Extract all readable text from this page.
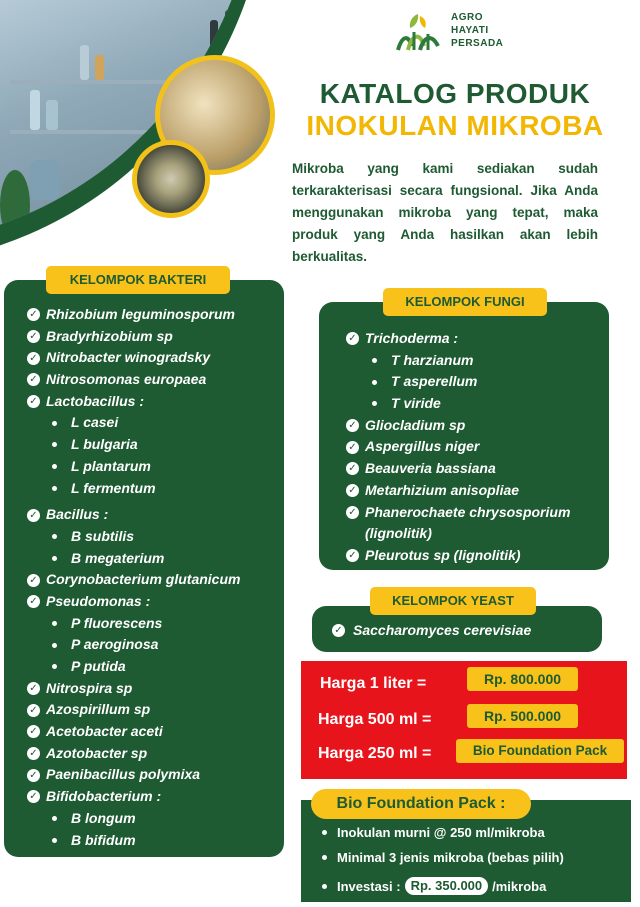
AGRO
HAYATI
PERSADA
KATALOG PRODUK
INOKULAN MIKROBA
Mikroba yang kami sediakan sudah terkarakterisasi secara fungsional. Jika Anda menggunakan mikroba yang tepat, maka produk yang Anda hasilkan akan lebih berkualitas.
KELOMPOK BAKTERI
✓ Rhizobium leguminosporum
✓ Bradyrhizobium sp
✓ Nitrobacter winogradsky
✓ Nitrosomonas europaea
✓ Lactobacillus :
L casei
L bulgaria
L plantarum
L fermentum
✓ Bacillus :
B subtilis
B megaterium
✓ Corynobacterium glutanicum
✓ Pseudomonas :
P fluorescens
P aeroginosa
P putida
✓ Nitrospira sp
✓ Azospirillum sp
✓ Acetobacter aceti
✓ Azotobacter sp
✓ Paenibacillus polymixa
✓ Bifidobacterium :
B longum
B bifidum
KELOMPOK FUNGI
✓ Trichoderma :
T harzianum
T asperellum
T viride
✓ Gliocladium sp
✓ Aspergillus niger
✓ Beauveria bassiana
✓ Metarhizium anisopliae
✓ Phanerochaete chrysosporium
(lignolitik)
✓ Pleurotus sp (lignolitik)
KELOMPOK YEAST
✓ Saccharomyces cerevisiae
Harga 1 liter =	Rp. 800.000
Harga 500 ml =	Rp. 500.000
Harga 250 ml =	Bio Foundation Pack
Bio Foundation Pack :
Inokulan murni @ 250 ml/mikroba
Minimal 3 jenis mikroba (bebas pilih)
Investasi : Rp. 350.000 /mikroba
